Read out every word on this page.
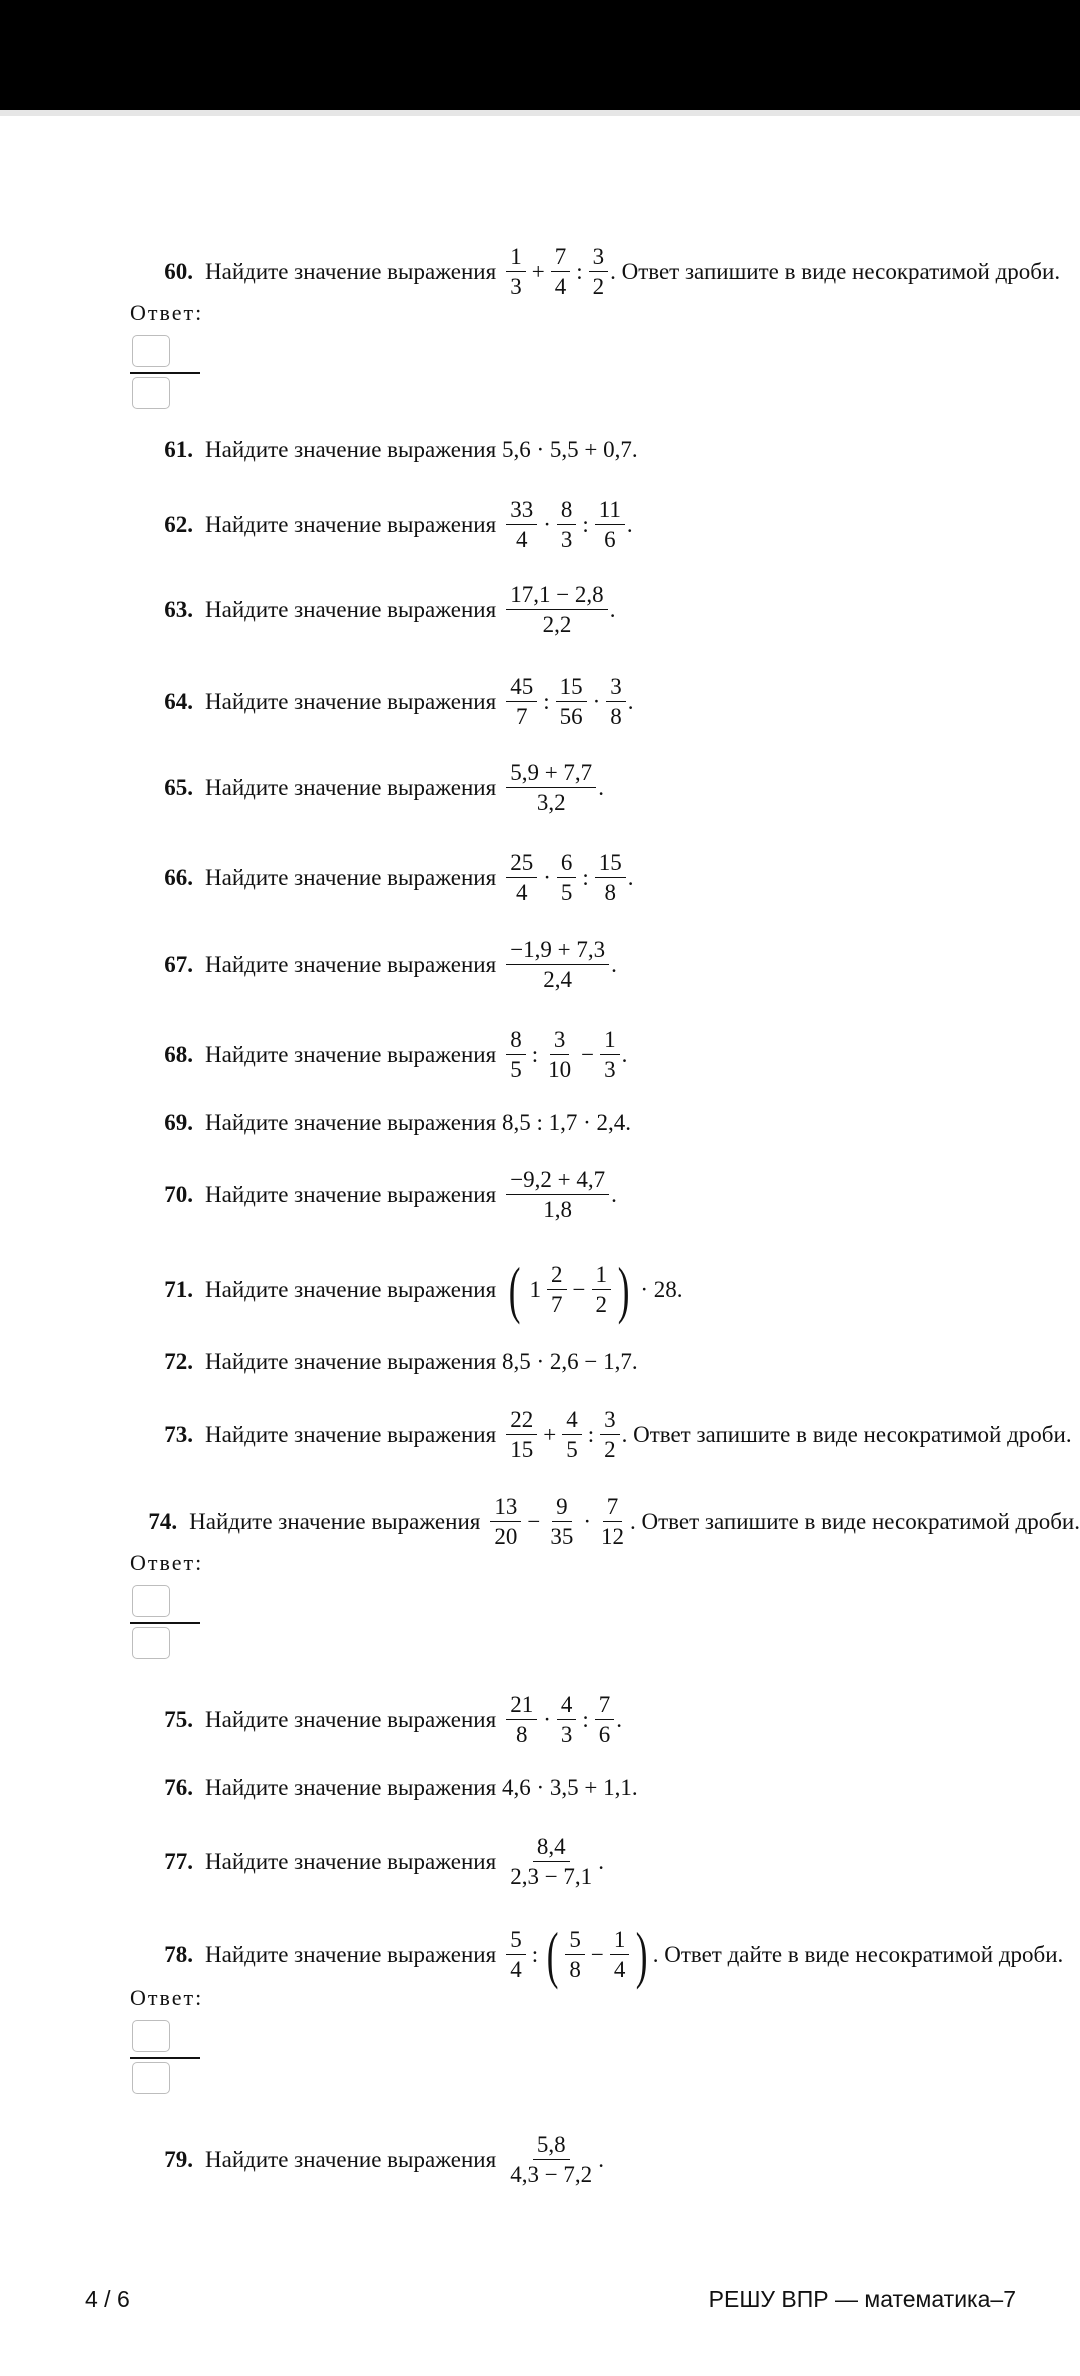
60. Найдите значение выражения $\frac{1}{3} + \frac{7}{4}$ : $\frac{3}{2}$ . Ответ запишите в виде несократимой дроби.
Ответ:
61. Найдите значение выражения 5,6 · 5,5 + 0,7.
62. Найдите значение выражения $\frac{33}{4} \cdot \frac{8}{3}$ : $\frac{11}{6}$ .
63. Найдите значение выражения $\frac{17,1 - 2,8}{2,2}$ .
64. Найдите значение выражения $\frac{45}{7}$ : $\frac{15}{56} \cdot \frac{3}{8}$ .
65. Найдите значение выражения $\frac{5,9 + 7,7}{3,2}$ .
66. Найдите значение выражения $\frac{25}{4} \cdot \frac{6}{5}$ : $\frac{15}{8}$ .
67. Найдите значение выражения $\frac{-1,9 + 7,3}{2,4}$ .
68. Найдите значение выражения $\frac{8}{5}$ : $\frac{3}{10} - \frac{1}{3}$ .
69. Найдите значение выражения 8,5 : 1,7 · 2,4.
70. Найдите значение выражения $\frac{-9,2 + 4,7}{1,8}$ .
71. Найдите значение выражения ( $1 \frac{2}{7} - \frac{1}{2}$ ) · 28.
72. Найдите значение выражения 8,5 · 2,6 − 1,7.
73. Найдите значение выражения $\frac{22}{15} + \frac{4}{5}$ : $\frac{3}{2}$ . Ответ запишите в виде несократимой дроби.
74. Найдите значение выражения $\frac{13}{20} - \frac{9}{35} \cdot \frac{7}{12}$ . Ответ запишите в виде несократимой дроби.
Ответ:
75. Найдите значение выражения $\frac{21}{8} \cdot \frac{4}{3}$ : $\frac{7}{6}$ .
76. Найдите значение выражения 4,6 · 3,5 + 1,1.
77. Найдите значение выражения $\frac{8,4}{2,3 - 7,1}$ .
78. Найдите значение выражения $\frac{5}{4}$ : ( $\frac{5}{8} - \frac{1}{4}$ ) . Ответ дайте в виде несократимой дроби.
Ответ:
79. Найдите значение выражения $\frac{5,8}{4,3 - 7,2}$ .
4 / 6	РЕШУ ВПР — математика–7
